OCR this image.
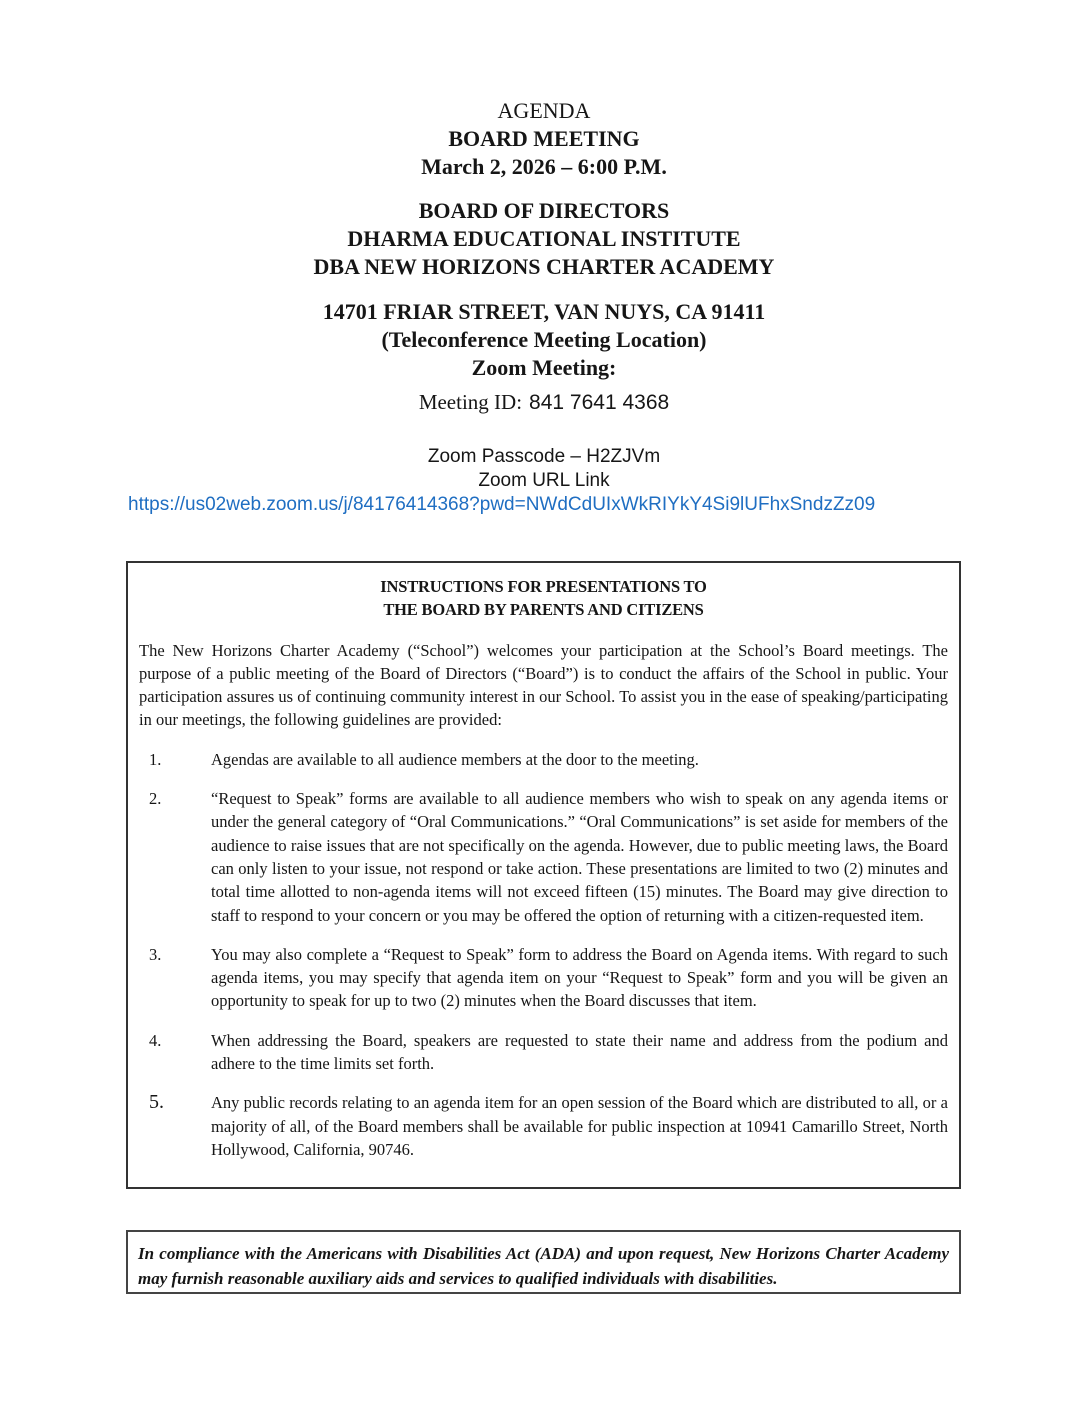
AGENDA
BOARD MEETING
March 2, 2026 – 6:00 P.M.
BOARD OF DIRECTORS
DHARMA EDUCATIONAL INSTITUTE
DBA NEW HORIZONS CHARTER ACADEMY
14701 FRIAR STREET, VAN NUYS, CA 91411
(Teleconference Meeting Location)
Zoom Meeting:
Meeting ID: 841 7641 4368
Zoom Passcode – H2ZJVm
Zoom URL Link
https://us02web.zoom.us/j/84176414368?pwd=NWdCdUIxWkRIYkY4Si9lUFhxSndzZz09
INSTRUCTIONS FOR PRESENTATIONS TO
THE BOARD BY PARENTS AND CITIZENS
The New Horizons Charter Academy (“School”) welcomes your participation at the School’s Board meetings. The purpose of a public meeting of the Board of Directors (“Board”) is to conduct the affairs of the School in public. Your participation assures us of continuing community interest in our School. To assist you in the ease of speaking/participating in our meetings, the following guidelines are provided:
1.	Agendas are available to all audience members at the door to the meeting.
2.	“Request to Speak” forms are available to all audience members who wish to speak on any agenda items or under the general category of “Oral Communications.” “Oral Communications” is set aside for members of the audience to raise issues that are not specifically on the agenda. However, due to public meeting laws, the Board can only listen to your issue, not respond or take action. These presentations are limited to two (2) minutes and total time allotted to non-agenda items will not exceed fifteen (15) minutes. The Board may give direction to staff to respond to your concern or you may be offered the option of returning with a citizen-requested item.
3.	You may also complete a “Request to Speak” form to address the Board on Agenda items. With regard to such agenda items, you may specify that agenda item on your “Request to Speak” form and you will be given an opportunity to speak for up to two (2) minutes when the Board discusses that item.
4.	When addressing the Board, speakers are requested to state their name and address from the podium and adhere to the time limits set forth.
5.	Any public records relating to an agenda item for an open session of the Board which are distributed to all, or a majority of all, of the Board members shall be available for public inspection at 10941 Camarillo Street, North Hollywood, California, 90746.
In compliance with the Americans with Disabilities Act (ADA) and upon request, New Horizons Charter Academy may furnish reasonable auxiliary aids and services to qualified individuals with disabilities.
